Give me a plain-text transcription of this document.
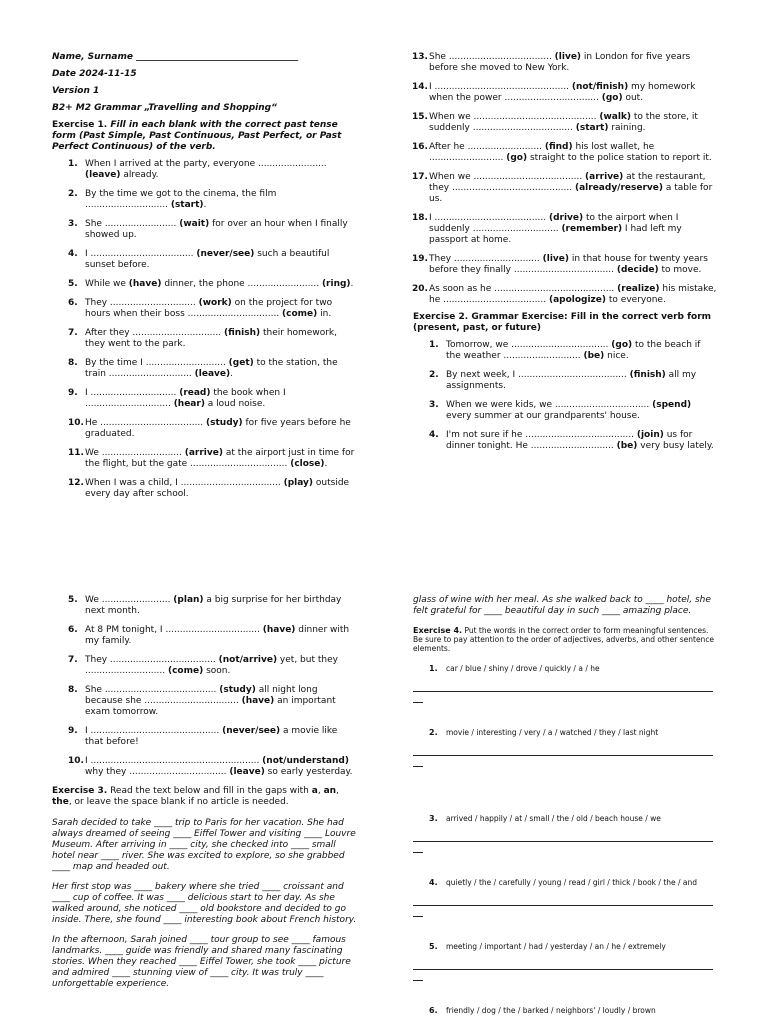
Name, Surname ____________________________________
Date 2024-11-15
Version 1
B2+ M2 Grammar „Travelling and Shopping“
Exercise 1. Fill in each blank with the correct past tense form (Past Simple, Past Continuous, Past Perfect, or Past Perfect Continuous) of the verb.
1. When I arrived at the party, everyone ........................ (leave) already.
2. By the time we got to the cinema, the film ............................. (start).
3. She ......................... (wait) for over an hour when I finally showed up.
4. I .................................... (never/see) such a beautiful sunset before.
5. While we (have) dinner, the phone ......................... (ring).
6. They .............................. (work) on the project for two hours when their boss ................................ (come) in.
7. After they ............................... (finish) their homework, they went to the park.
8. By the time I ............................ (get) to the station, the train ............................. (leave).
9. I .............................. (read) the book when I .............................. (hear) a loud noise.
10. He .................................... (study) for five years before he graduated.
11. We ............................ (arrive) at the airport just in time for the flight, but the gate .................................. (close).
12. When I was a child, I ................................... (play) outside every day after school.
13. She .................................... (live) in London for five years before she moved to New York.
14. I ............................................... (not/finish) my homework when the power ................................. (go) out.
15. When we ........................................... (walk) to the store, it suddenly ................................... (start) raining.
16. After he .......................... (find) his lost wallet, he .......................... (go) straight to the police station to report it.
17. When we ...................................... (arrive) at the restaurant, they .......................................... (already/reserve) a table for us.
18. I ....................................... (drive) to the airport when I suddenly .............................. (remember) I had left my passport at home.
19. They .............................. (live) in that house for twenty years before they finally ................................... (decide) to move.
20. As soon as he .......................................... (realize) his mistake, he .................................... (apologize) to everyone.
Exercise 2. Grammar Exercise: Fill in the correct verb form (present, past, or future)
1. Tomorrow, we .................................. (go) to the beach if the weather ........................... (be) nice.
2. By next week, I ...................................... (finish) all my assignments.
3. When we were kids, we ................................. (spend) every summer at our grandparents' house.
4. I'm not sure if he ...................................... (join) us for dinner tonight. He ............................. (be) very busy lately.
5. We ........................ (plan) a big surprise for her birthday next month.
6. At 8 PM tonight, I ................................. (have) dinner with my family.
7. They ..................................... (not/arrive) yet, but they ............................ (come) soon.
8. She ....................................... (study) all night long because she ................................. (have) an important exam tomorrow.
9. I ............................................. (never/see) a movie like that before!
10. I ........................................................... (not/understand) why they .................................. (leave) so early yesterday.
Exercise 3. Read the text below and fill in the gaps with a, an, the, or leave the space blank if no article is needed.

Sarah decided to take ____ trip to Paris for her vacation. She had always dreamed of seeing ____ Eiffel Tower and visiting ____ Louvre Museum. After arriving in ____ city, she checked into ____ small hotel near ____ river. She was excited to explore, so she grabbed ____ map and headed out.

Her first stop was ____ bakery where she tried ____ croissant and ____ cup of coffee. It was ____ delicious start to her day. As she walked around, she noticed ____ old bookstore and decided to go inside. There, she found ____ interesting book about French history.

In the afternoon, Sarah joined ____ tour group to see ____ famous landmarks. ____ guide was friendly and shared many fascinating stories. When they reached ____ Eiffel Tower, she took ____ picture and admired ____ stunning view of ____ city. It was truly ____ unforgettable experience.

glass of wine with her meal. As she walked back to ____ hotel, she felt grateful for ____ beautiful day in such ____ amazing place.

Exercise 4. Put the words in the correct order to form meaningful sentences. Be sure to pay attention to the order of adjectives, adverbs, and other sentence elements.
1. car / blue / shiny / drove / quickly / a / he
2. movie / interesting / very / a / watched / they / last night
3. arrived / happily / at / small / the / old / beach house / we
4. quietly / the / carefully / young / read / girl / thick / book / the / and
5. meeting / important / had / yesterday / an / he / extremely
6. friendly / dog / the / barked / neighbors' / loudly / brown
